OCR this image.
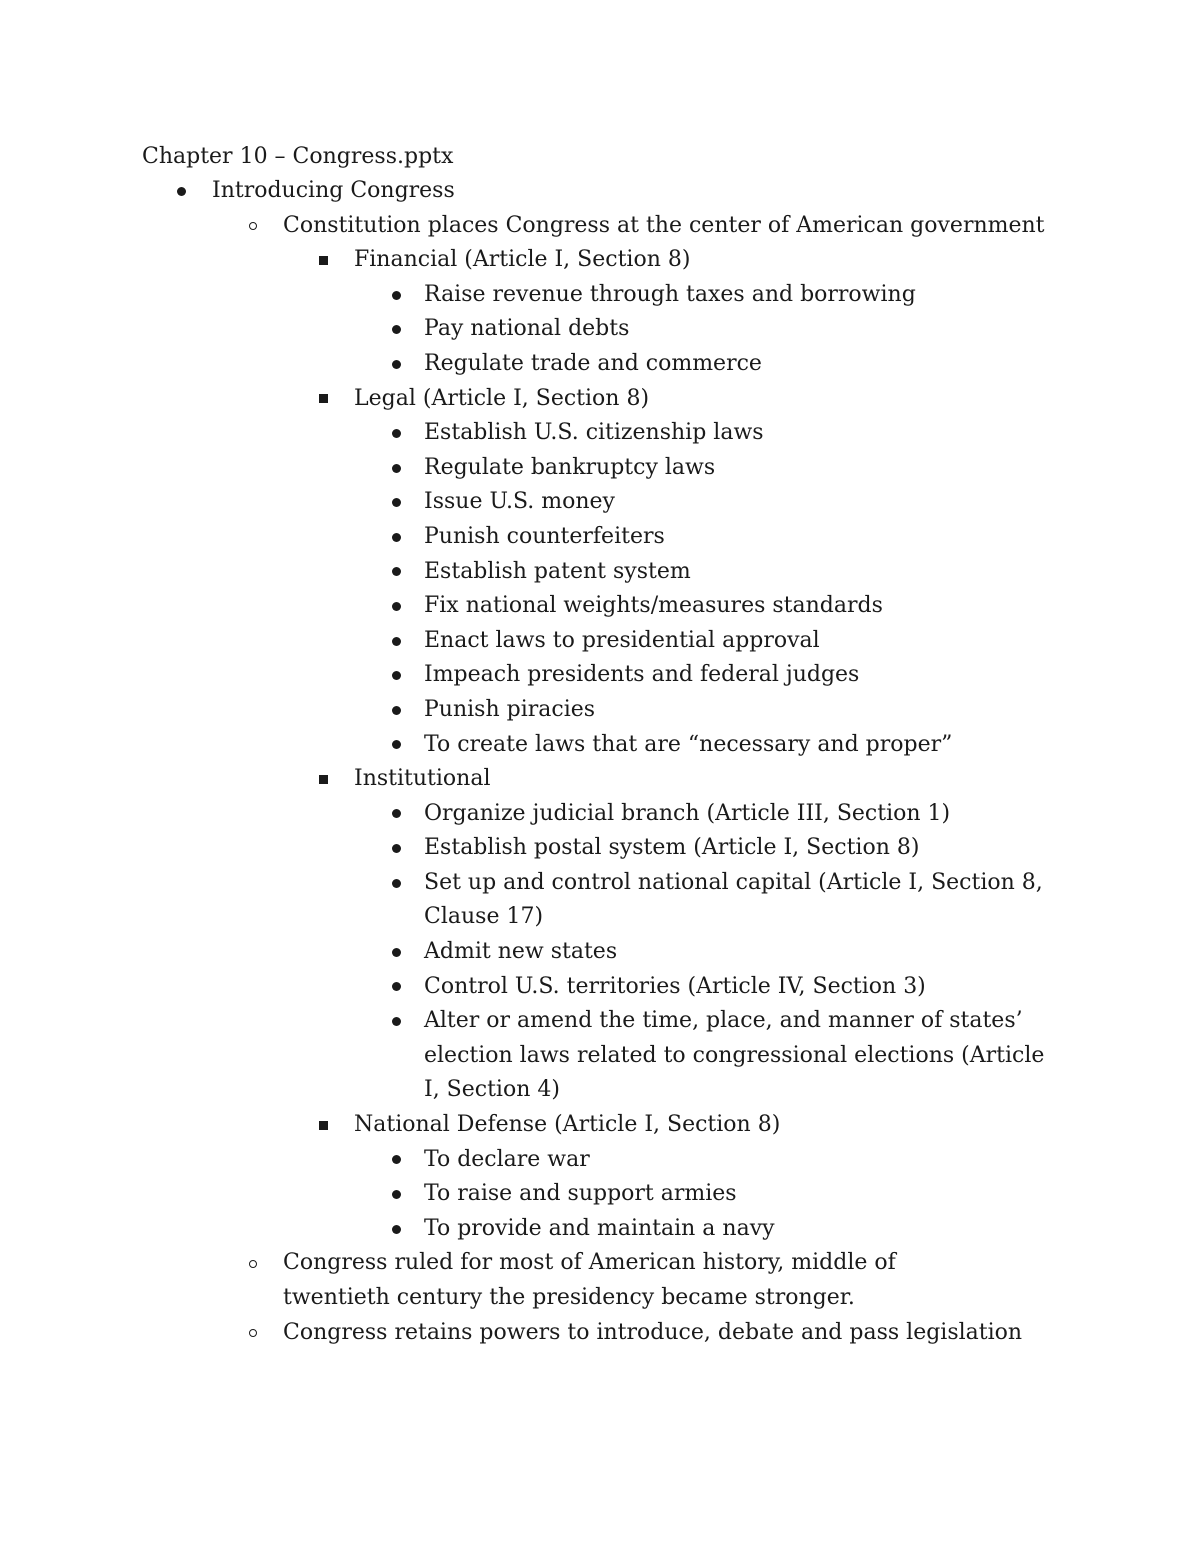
Chapter 10 – Congress.pptx
Introducing Congress
Constitution places Congress at the center of American government
Financial (Article I, Section 8)
Raise revenue through taxes and borrowing
Pay national debts
Regulate trade and commerce
Legal (Article I, Section 8)
Establish U.S. citizenship laws
Regulate bankruptcy laws
Issue U.S. money
Punish counterfeiters
Establish patent system
Fix national weights/measures standards
Enact laws to presidential approval
Impeach presidents and federal judges
Punish piracies
To create laws that are “necessary and proper”
Institutional
Organize judicial branch (Article III, Section 1)
Establish postal system (Article I, Section 8)
Set up and control national capital (Article I, Section 8, Clause 17)
Admit new states
Control U.S. territories (Article IV, Section 3)
Alter or amend the time, place, and manner of states’ election laws related to congressional elections (Article I, Section 4)
National Defense (Article I, Section 8)
To declare war
To raise and support armies
To provide and maintain a navy
Congress ruled for most of American history, middle of twentieth century the presidency became stronger.
Congress retains powers to introduce, debate and pass legislation
